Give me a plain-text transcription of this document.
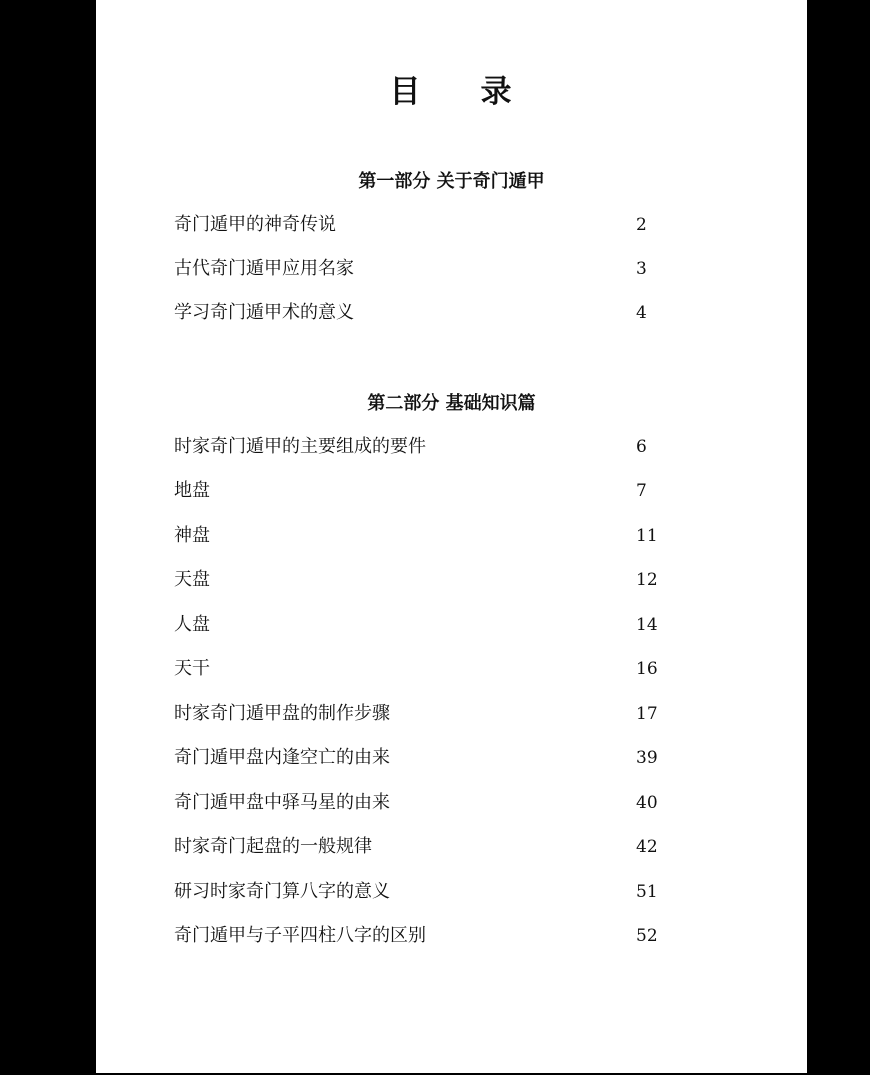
目 录
第一部分 关于奇门遁甲
奇门遁甲的神奇传说	2
古代奇门遁甲应用名家	3
学习奇门遁甲术的意义	4
第二部分 基础知识篇
时家奇门遁甲的主要组成的要件	6
地盘	7
神盘	11
天盘	12
人盘	14
天干	16
时家奇门遁甲盘的制作步骤	17
奇门遁甲盘内逢空亡的由来	39
奇门遁甲盘中驿马星的由来	40
时家奇门起盘的一般规律	42
研习时家奇门算八字的意义	51
奇门遁甲与子平四柱八字的区别	52
